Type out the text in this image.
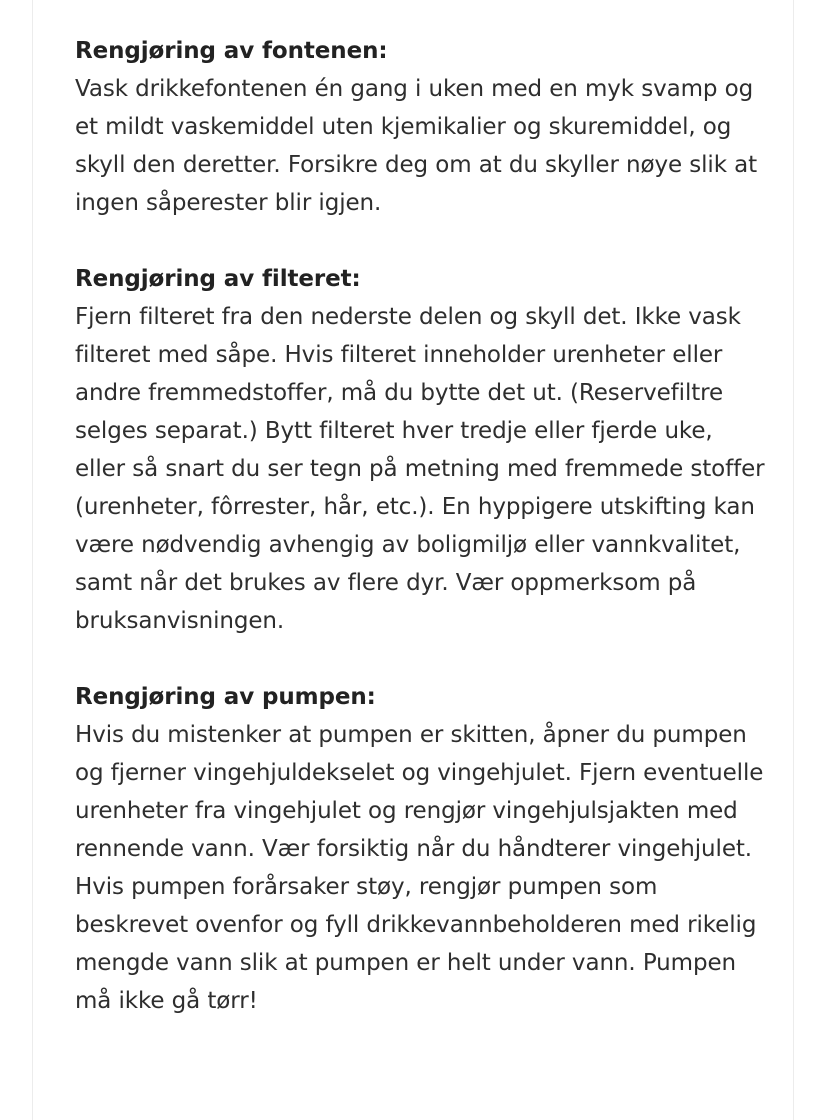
Rengjøring av fontenen:
Vask drikkefontenen én gang i uken med en myk svamp og et mildt vaskemiddel uten kjemikalier og skuremiddel, og skyll den deretter. Forsikre deg om at du skyller nøye slik at ingen såperester blir igjen.
Rengjøring av filteret:
Fjern filteret fra den nederste delen og skyll det. Ikke vask filteret med såpe. Hvis filteret inneholder urenheter eller andre fremmedstoffer, må du bytte det ut. (Reservefiltre selges separat.) Bytt filteret hver tredje eller fjerde uke, eller så snart du ser tegn på metning med fremmede stoffer (urenheter, fôrrester, hår, etc.). En hyppigere utskifting kan være nødvendig avhengig av boligmiljø eller vannkvalitet, samt når det brukes av flere dyr. Vær oppmerksom på bruksanvisningen.
Rengjøring av pumpen:
Hvis du mistenker at pumpen er skitten, åpner du pumpen og fjerner vingehjuldekselet og vingehjulet. Fjern eventuelle urenheter fra vingehjulet og rengjør vingehjulsjakten med rennende vann. Vær forsiktig når du håndterer vingehjulet. Hvis pumpen forårsaker støy, rengjør pumpen som beskrevet ovenfor og fyll drikkevannbeholderen med rikelig mengde vann slik at pumpen er helt under vann. Pumpen må ikke gå tørr!
